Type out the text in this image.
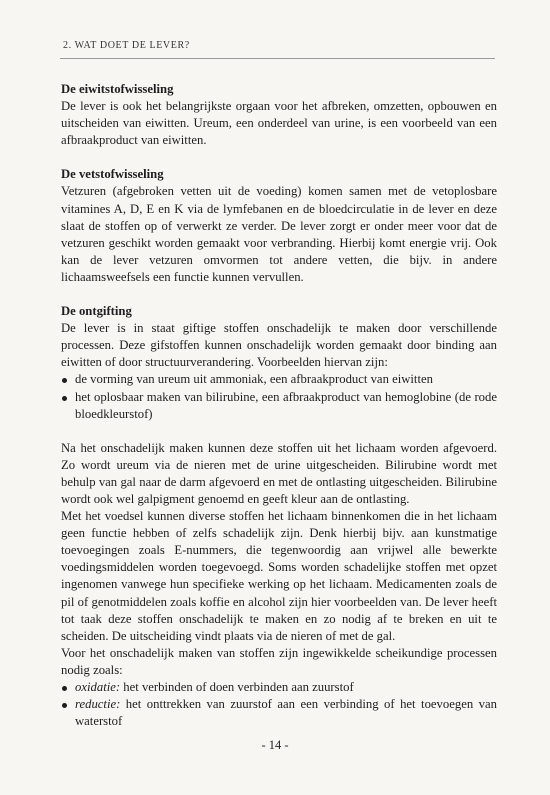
2. WAT DOET DE LEVER?
De eiwitstofwisseling

De lever is ook het belangrijkste orgaan voor het afbreken, omzetten, opbouwen en uitscheiden van eiwitten. Ureum, een onderdeel van urine, is een voorbeeld van een afbraakproduct van eiwitten.

De vetstofwisseling

Vetzuren (afgebroken vetten uit de voeding) komen samen met de vetoplosbare vitamines A, D, E en K via de lymfebanen en de bloedcirculatie in de lever en deze slaat de stoffen op of verwerkt ze verder. De lever zorgt er onder meer voor dat de vetzuren geschikt worden gemaakt voor verbranding. Hierbij komt energie vrij. Ook kan de lever vetzuren omvormen tot andere vetten, die bijv. in andere lichaamsweefsels een functie kunnen vervullen.

De ontgifting

De lever is in staat giftige stoffen onschadelijk te maken door verschillende processen. Deze gifstoffen kunnen onschadelijk worden gemaakt door binding aan eiwitten of door structuurverandering. Voorbeelden hiervan zijn:

de vorming van ureum uit ammoniak, een afbraakproduct van eiwitten
het oplosbaar maken van bilirubine, een afbraakproduct van hemoglobine (de rode bloedkleurstof)

Na het onschadelijk maken kunnen deze stoffen uit het lichaam worden afgevoerd. Zo wordt ureum via de nieren met de urine uitgescheiden. Bilirubine wordt met behulp van gal naar de darm afgevoerd en met de ontlasting uitgescheiden. Bilirubine wordt ook wel galpigment genoemd en geeft kleur aan de ontlasting.

Met het voedsel kunnen diverse stoffen het lichaam binnenkomen die in het lichaam geen functie hebben of zelfs schadelijk zijn. Denk hierbij bijv. aan kunstmatige toevoegingen zoals E-nummers, die tegenwoordig aan vrijwel alle bewerkte voedingsmiddelen worden toegevoegd. Soms worden schadelijke stoffen met opzet ingenomen vanwege hun specifieke werking op het lichaam. Medicamenten zoals de pil of genotmiddelen zoals koffie en alcohol zijn hier voorbeelden van. De lever heeft tot taak deze stoffen onschadelijk te maken en zo nodig af te breken en uit te scheiden. De uitscheiding vindt plaats via de nieren of met de gal.

Voor het onschadelijk maken van stoffen zijn ingewikkelde scheikundige processen nodig zoals:

oxidatie: het verbinden of doen verbinden aan zuurstof
reductie: het onttrekken van zuurstof aan een verbinding of het toevoegen van waterstof
- 14 -
